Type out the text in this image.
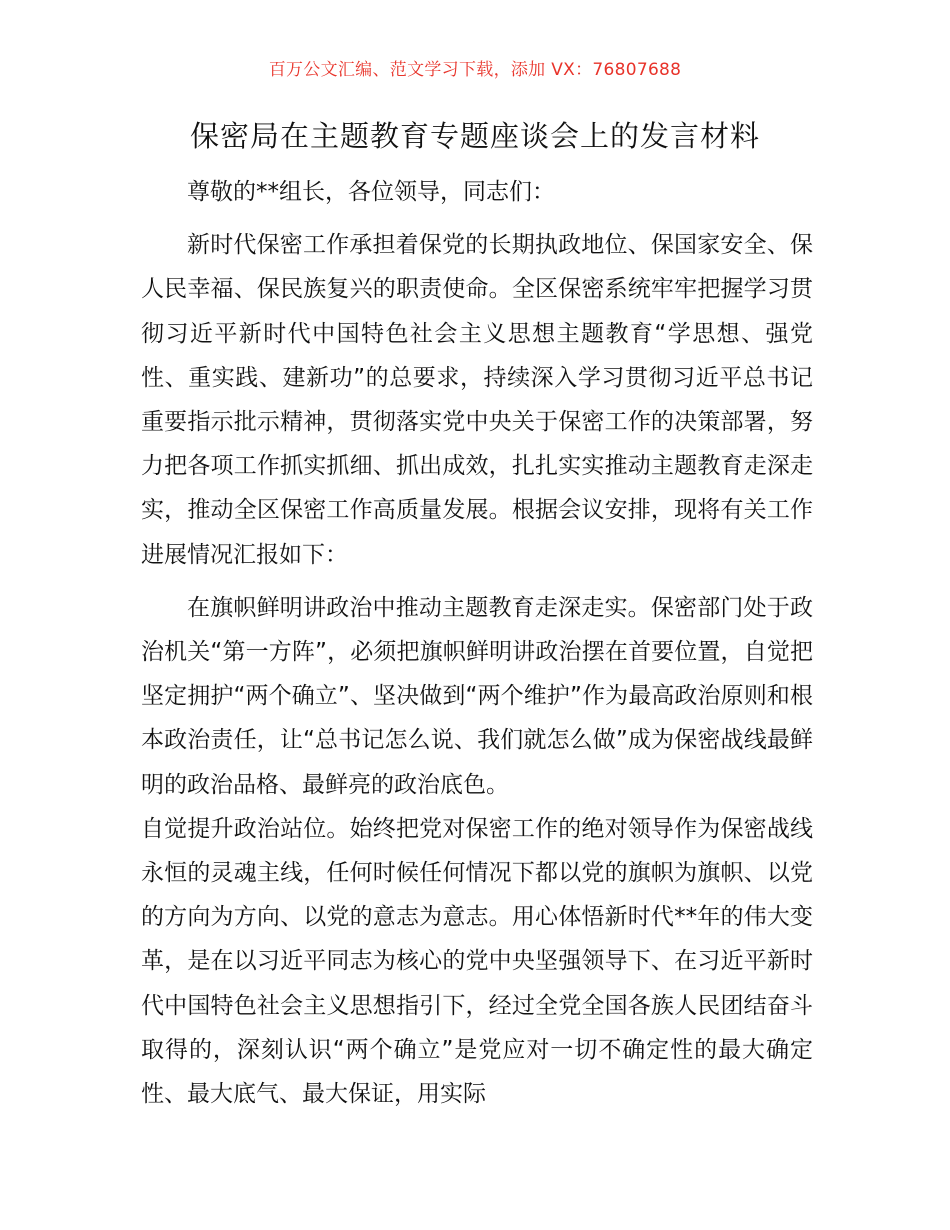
百万公文汇编、范文学习下载，添加 VX：76807688
保密局在主题教育专题座谈会上的发言材料

尊敬的**组长，各位领导，同志们：

新时代保密工作承担着保党的长期执政地位、保国家安全、保人民幸福、保民族复兴的职责使命。全区保密系统牢牢把握学习贯彻习近平新时代中国特色社会主义思想主题教育“学思想、强党性、重实践、建新功”的总要求，持续深入学习贯彻习近平总书记重要指示批示精神，贯彻落实党中央关于保密工作的决策部署，努力把各项工作抓实抓细、抓出成效，扎扎实实推动主题教育走深走实，推动全区保密工作高质量发展。根据会议安排，现将有关工作进展情况汇报如下：

在旗帜鲜明讲政治中推动主题教育走深走实。保密部门处于政治机关“第一方阵”，必须把旗帜鲜明讲政治摆在首要位置，自觉把坚定拥护“两个确立”、坚决做到“两个维护”作为最高政治原则和根本政治责任，让“总书记怎么说、我们就怎么做”成为保密战线最鲜明的政治品格、最鲜亮的政治底色。

自觉提升政治站位。始终把党对保密工作的绝对领导作为保密战线永恒的灵魂主线，任何时候任何情况下都以党的旗帜为旗帜、以党的方向为方向、以党的意志为意志。用心体悟新时代**年的伟大变革，是在以习近平同志为核心的党中央坚强领导下、在习近平新时代中国特色社会主义思想指引下，经过全党全国各族人民团结奋斗取得的，深刻认识“两个确立”是党应对一切不确定性的最大确定性、最大底气、最大保证，用实际
